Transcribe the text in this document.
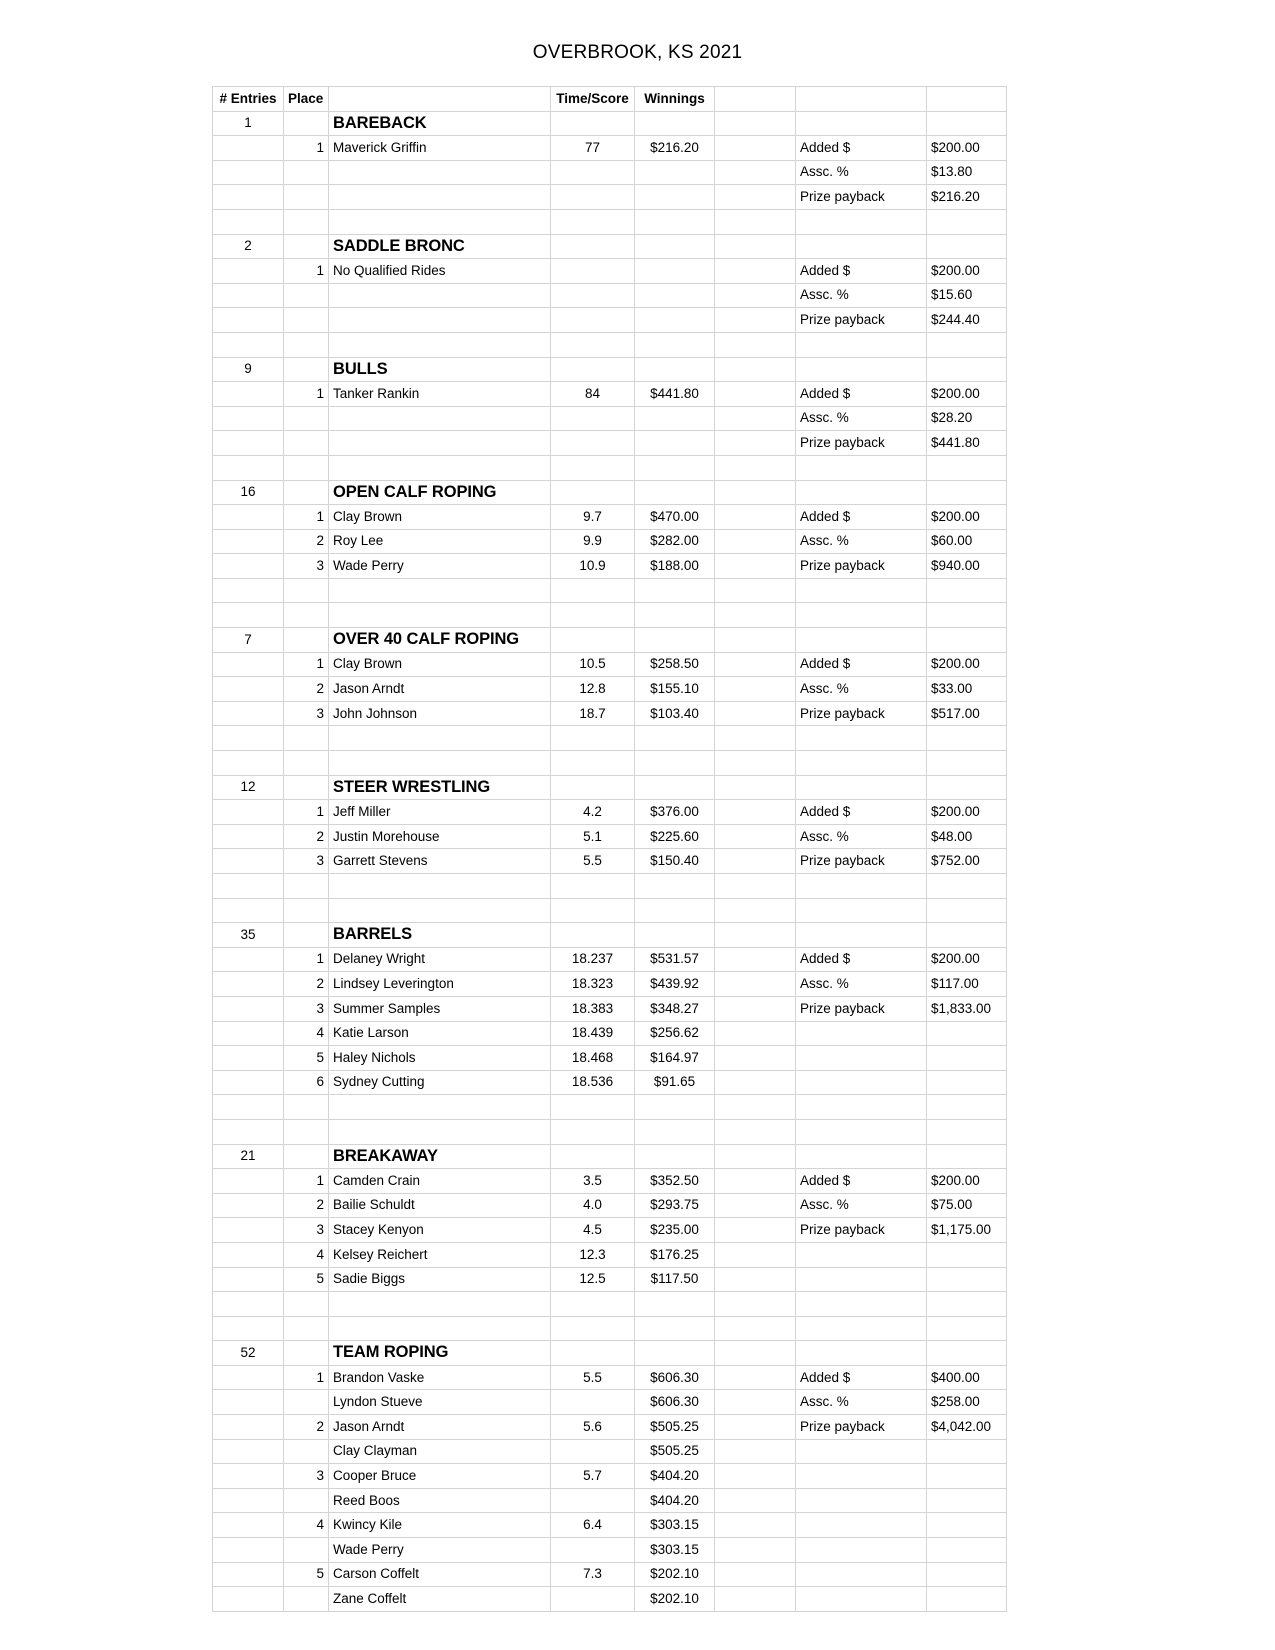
OVERBROOK, KS 2021
# Entries	Place		Time/Score	Winnings			
1		BAREBACK					
	1	Maverick Griffin	77	$216.20		Added $	$200.00
						Assc. %	$13.80
						Prize payback	$216.20

2		SADDLE BRONC					
	1	No Qualified Rides				Added $	$200.00
						Assc. %	$15.60
						Prize payback	$244.40

9		BULLS					
	1	Tanker Rankin	84	$441.80		Added $	$200.00
						Assc. %	$28.20
						Prize payback	$441.80

16		OPEN CALF ROPING					
	1	Clay Brown	9.7	$470.00		Added $	$200.00
	2	Roy Lee	9.9	$282.00		Assc. %	$60.00
	3	Wade Perry	10.9	$188.00		Prize payback	$940.00

7		OVER 40 CALF ROPING					
	1	Clay Brown	10.5	$258.50		Added $	$200.00
	2	Jason Arndt	12.8	$155.10		Assc. %	$33.00
	3	John Johnson	18.7	$103.40		Prize payback	$517.00

12		STEER WRESTLING					
	1	Jeff Miller	4.2	$376.00		Added $	$200.00
	2	Justin Morehouse	5.1	$225.60		Assc. %	$48.00
	3	Garrett Stevens	5.5	$150.40		Prize payback	$752.00

35		BARRELS					
	1	Delaney Wright	18.237	$531.57		Added $	$200.00
	2	Lindsey Leverington	18.323	$439.92		Assc. %	$117.00
	3	Summer Samples	18.383	$348.27		Prize payback	$1,833.00
	4	Katie Larson	18.439	$256.62			
	5	Haley Nichols	18.468	$164.97			
	6	Sydney Cutting	18.536	$91.65			

21		BREAKAWAY					
	1	Camden Crain	3.5	$352.50		Added $	$200.00
	2	Bailie Schuldt	4.0	$293.75		Assc. %	$75.00
	3	Stacey Kenyon	4.5	$235.00		Prize payback	$1,175.00
	4	Kelsey Reichert	12.3	$176.25			
	5	Sadie Biggs	12.5	$117.50			

52		TEAM ROPING					
	1	Brandon Vaske	5.5	$606.30		Added $	$400.00
		Lyndon Stueve		$606.30		Assc. %	$258.00
	2	Jason Arndt	5.6	$505.25		Prize payback	$4,042.00
		Clay Clayman		$505.25			
	3	Cooper Bruce	5.7	$404.20			
		Reed Boos		$404.20			
	4	Kwincy Kile	6.4	$303.15			
		Wade Perry		$303.15			
	5	Carson Coffelt	7.3	$202.10			
		Zane Coffelt		$202.10			
